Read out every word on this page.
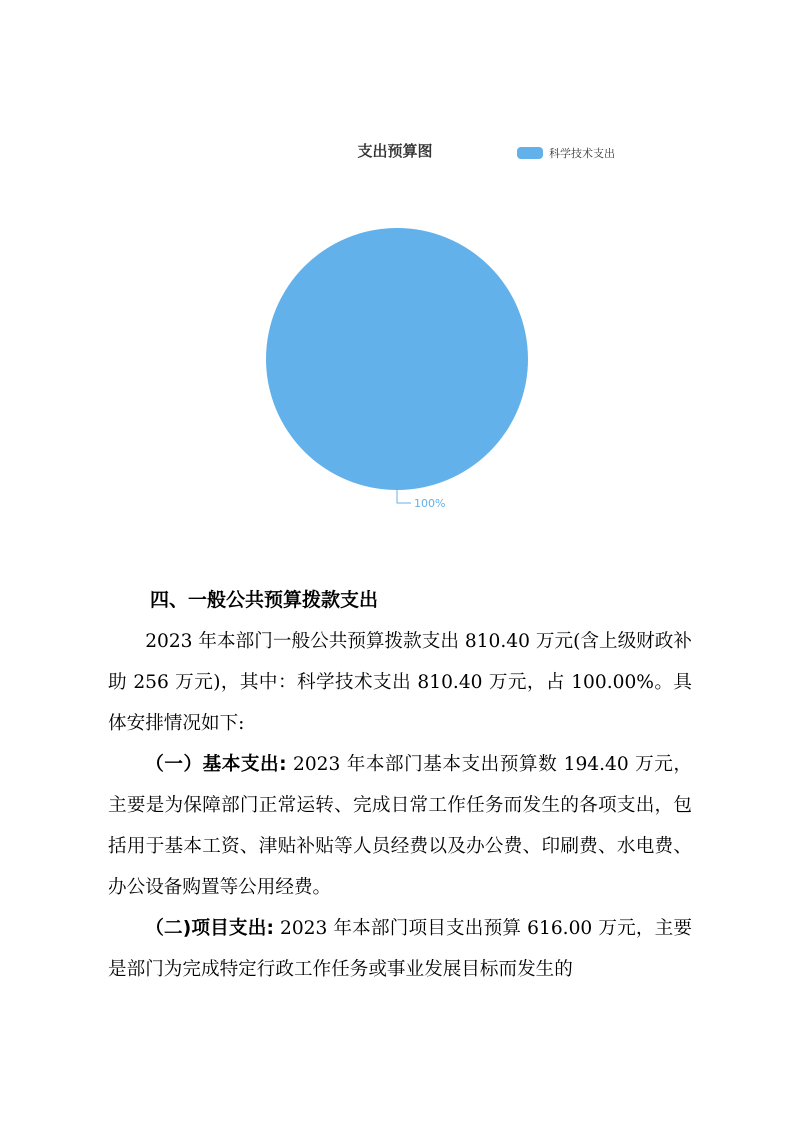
支出预算图	科学技术支出
100%
四、一般公共预算拨款支出
2023 年本部门一般公共预算拨款支出 810.40 万元(含上级财政补助 256 万元)，其中：科学技术支出 810.40 万元，占 100.00%。具体安排情况如下:
（一）基本支出: 2023 年本部门基本支出预算数 194.40 万元，主要是为保障部门正常运转、完成日常工作任务而发生的各项支出，包括用于基本工资、津贴补贴等人员经费以及办公费、印刷费、水电费、办公设备购置等公用经费。
（二)项目支出: 2023 年本部门项目支出预算 616.00 万元，主要是部门为完成特定行政工作任务或事业发展目标而发生的
